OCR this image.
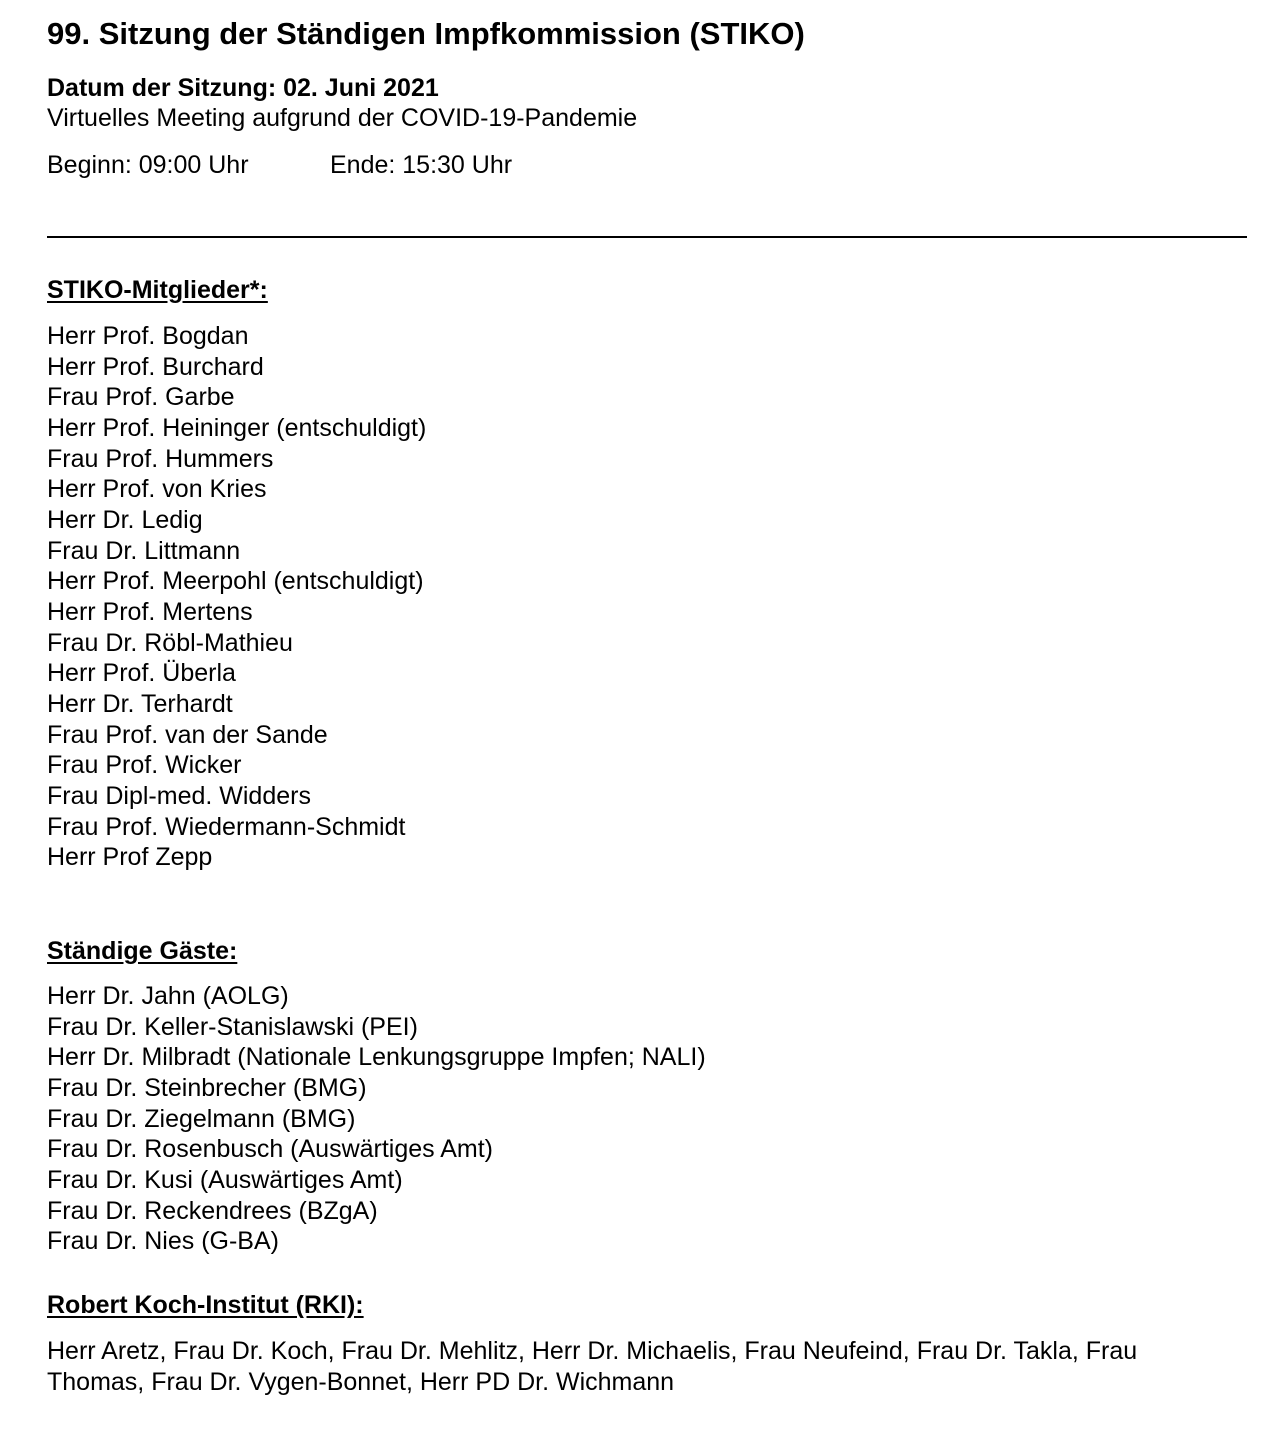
99. Sitzung der Ständigen Impfkommission (STIKO)
Datum der Sitzung: 02. Juni 2021
Virtuelles Meeting aufgrund der COVID-19-Pandemie
Beginn: 09:00 Uhr	Ende: 15:30 Uhr
STIKO-Mitglieder*:
Herr Prof. Bogdan
Herr Prof. Burchard
Frau Prof. Garbe
Herr Prof. Heininger (entschuldigt)
Frau Prof. Hummers
Herr Prof. von Kries
Herr Dr. Ledig
Frau Dr. Littmann
Herr Prof. Meerpohl (entschuldigt)
Herr Prof. Mertens
Frau Dr. Röbl-Mathieu
Herr Prof. Überla
Herr Dr. Terhardt
Frau Prof. van der Sande
Frau Prof. Wicker
Frau Dipl-med. Widders
Frau Prof. Wiedermann-Schmidt
Herr Prof Zepp
Ständige Gäste:
Herr Dr. Jahn (AOLG)
Frau Dr. Keller-Stanislawski (PEI)
Herr Dr. Milbradt (Nationale Lenkungsgruppe Impfen; NALI)
Frau Dr. Steinbrecher (BMG)
Frau Dr. Ziegelmann (BMG)
Frau Dr. Rosenbusch (Auswärtiges Amt)
Frau Dr. Kusi (Auswärtiges Amt)
Frau Dr. Reckendrees (BZgA)
Frau Dr. Nies (G-BA)
Robert Koch-Institut (RKI):
Herr Aretz, Frau Dr. Koch, Frau Dr. Mehlitz, Herr Dr. Michaelis, Frau Neufeind, Frau Dr. Takla, Frau Thomas, Frau Dr. Vygen-Bonnet, Herr PD Dr. Wichmann
